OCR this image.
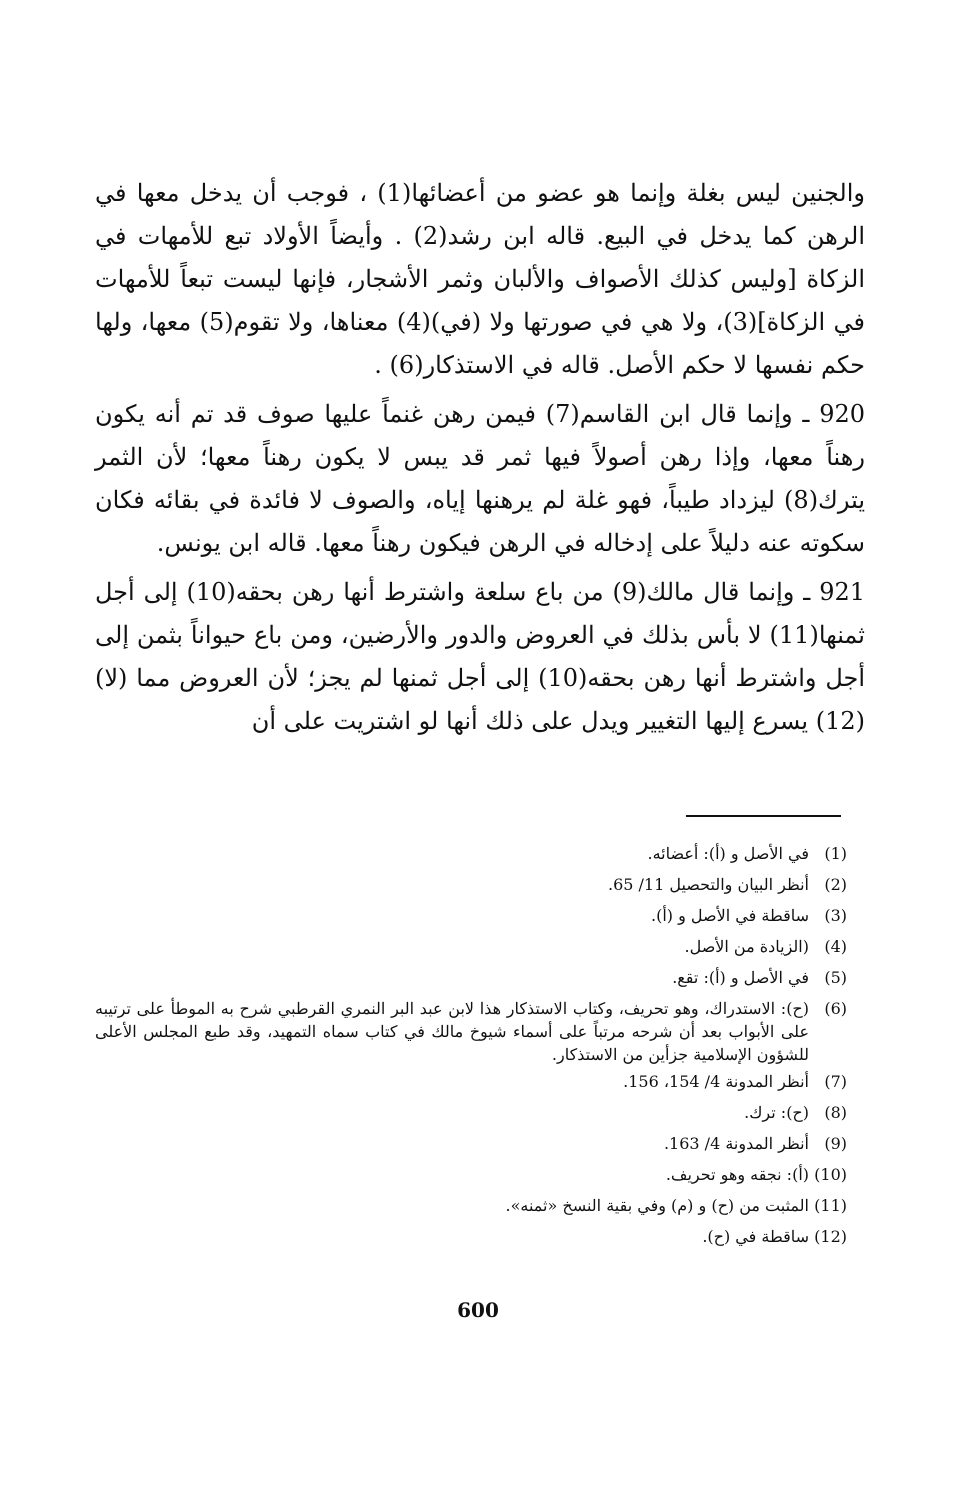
والجنين ليس بغلة وإنما هو عضو من أعضائها(1) ، فوجب أن يدخل معها في الرهن كما يدخل في البيع. قاله ابن رشد(2) . وأيضاً الأولاد تبع للأمهات في الزكاة [وليس كذلك الأصواف والألبان وثمر الأشجار، فإنها ليست تبعاً للأمهات في الزكاة](3)، ولا هي في صورتها ولا (في)(4) معناها، ولا تقوم(5) معها، ولها حكم نفسها لا حكم الأصل. قاله في الاستذكار(6) .

920 ـ وإنما قال ابن القاسم(7) فيمن رهن غنماً عليها صوف قد تم أنه يكون رهناً معها، وإذا رهن أصولاً فيها ثمر قد يبس لا يكون رهناً معها؛ لأن الثمر يترك(8) ليزداد طيباً، فهو غلة لم يرهنها إياه، والصوف لا فائدة في بقائه فكان سكوته عنه دليلاً على إدخاله في الرهن فيكون رهناً معها. قاله ابن يونس.

921 ـ وإنما قال مالك(9) من باع سلعة واشترط أنها رهن بحقه(10) إلى أجل ثمنها(11) لا بأس بذلك في العروض والدور والأرضين، ومن باع حيواناً بثمن إلى أجل واشترط أنها رهن بحقه(10) إلى أجل ثمنها لم يجز؛ لأن العروض مما (لا)(12) يسرع إليها التغيير ويدل على ذلك أنها لو اشتريت على أن

(1)
في الأصل و (أ): أعضائه.
(2)
أنظر البيان والتحصيل 11/ 65.
(3)
ساقطة في الأصل و (أ).
(4)
(الزيادة من الأصل.
(5)
في الأصل و (أ): تقع.
(6)
(ح): الاستدراك، وهو تحريف، وكتاب الاستذكار هذا لابن عبد البر النمري القرطبي شرح به الموطأ على ترتيبه على الأبواب بعد أن شرحه مرتباً على أسماء شيوخ مالك في كتاب سماه التمهيد، وقد طبع المجلس الأعلى للشؤون الإسلامية جزأين من الاستذكار.
(7)
أنظر المدونة 4/ 154، 156.
(8)
(ح): ترك.
(9)
أنظر المدونة 4/ 163.
(10)
(أ): نجقه وهو تحريف.
(11)
المثبت من (ح) و (م) وفي بقية النسخ «ثمنه».
(12)
ساقطة في (ح).
600
